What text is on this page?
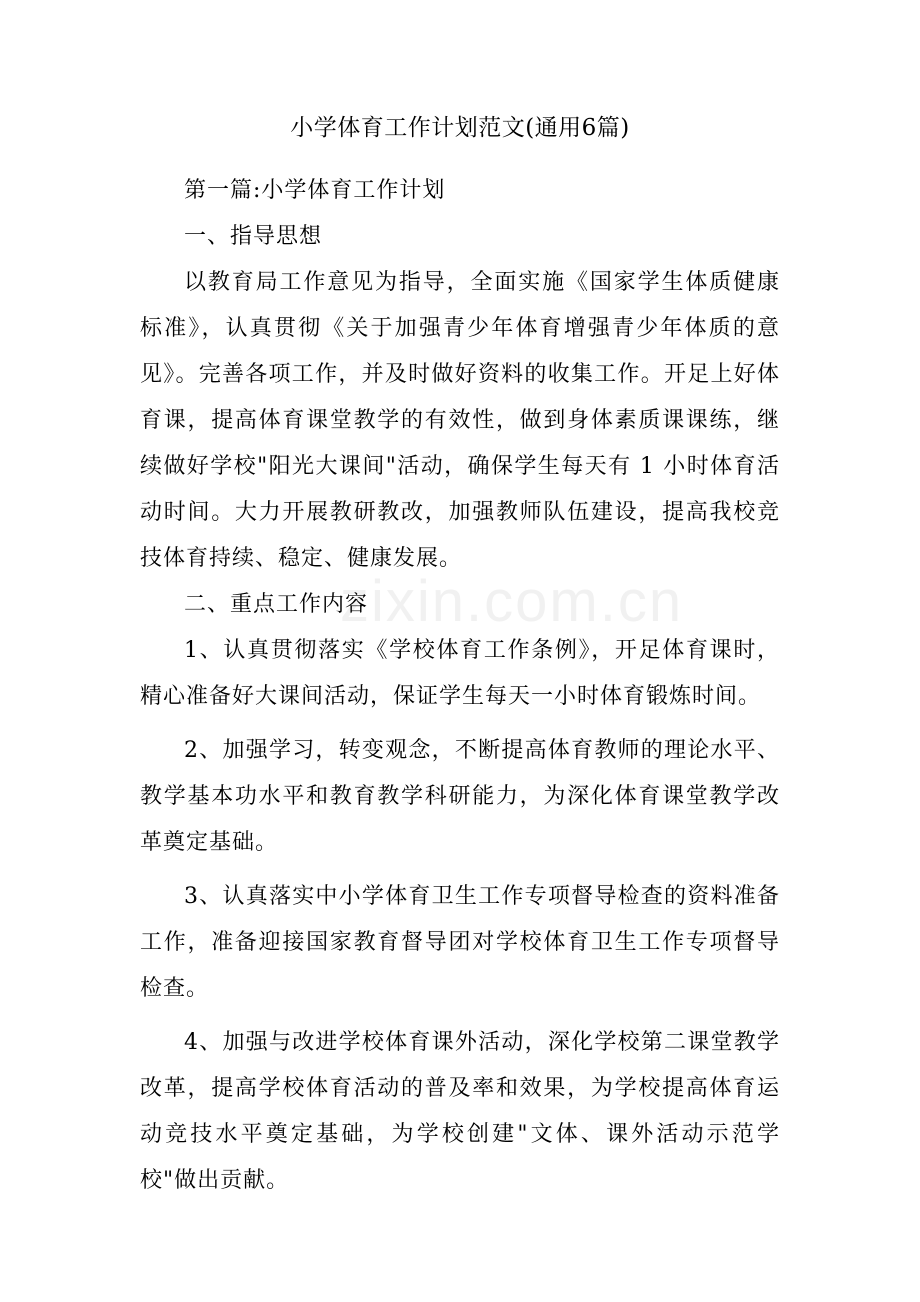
zixin.com.cn
小学体育工作计划范文(通用6篇)

第一篇:小学体育工作计划

一、指导思想

以教育局工作意见为指导，全面实施《国家学生体质健康标准》，认真贯彻《关于加强青少年体育增强青少年体质的意见》。完善各项工作，并及时做好资料的收集工作。开足上好体育课，提高体育课堂教学的有效性，做到身体素质课课练，继续做好学校"阳光大课间"活动，确保学生每天有 1 小时体育活动时间。大力开展教研教改，加强教师队伍建设，提高我校竞技体育持续、稳定、健康发展。

二、重点工作内容

1、认真贯彻落实《学校体育工作条例》，开足体育课时，精心准备好大课间活动，保证学生每天一小时体育锻炼时间。

2、加强学习，转变观念，不断提高体育教师的理论水平、教学基本功水平和教育教学科研能力，为深化体育课堂教学改革奠定基础。

3、认真落实中小学体育卫生工作专项督导检查的资料准备工作，准备迎接国家教育督导团对学校体育卫生工作专项督导检查。

4、加强与改进学校体育课外活动，深化学校第二课堂教学改革，提高学校体育活动的普及率和效果，为学校提高体育运动竞技水平奠定基础，为学校创建"文体、课外活动示范学校"做出贡献。
